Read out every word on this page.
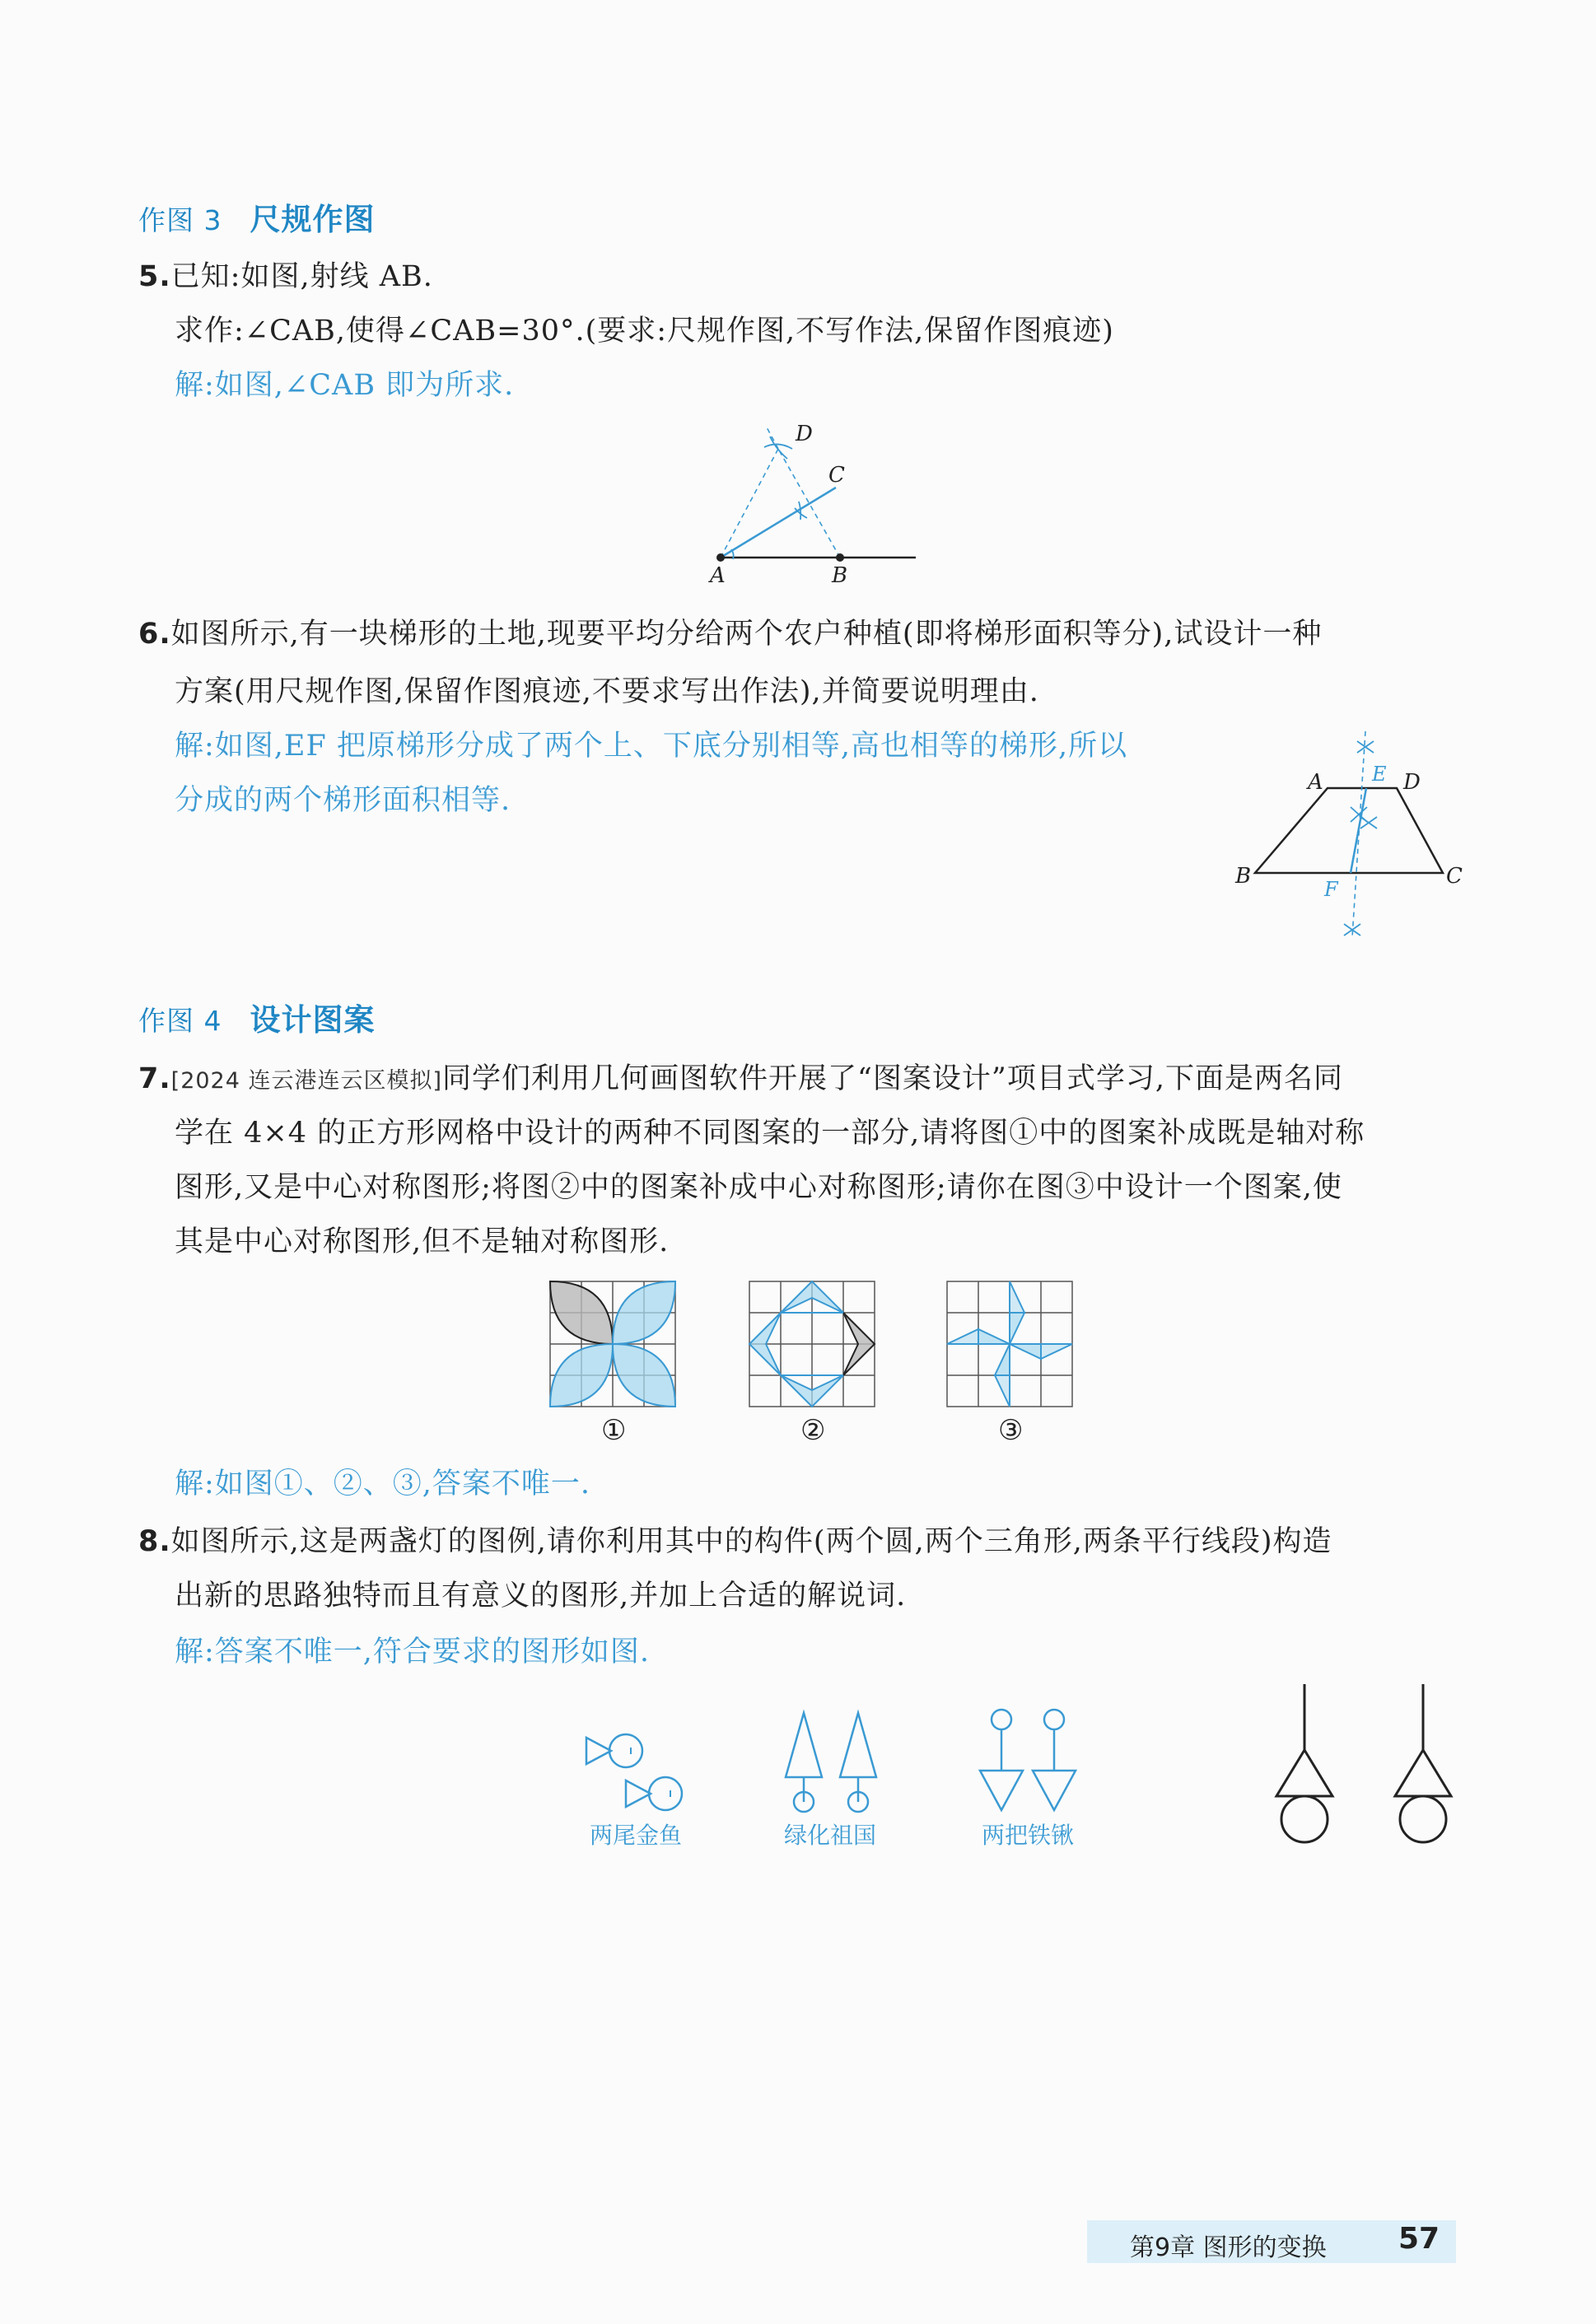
作图 3 尺规作图
5.已知:如图,射线 AB.
求作:∠CAB,使得∠CAB=30°.(要求:尺规作图,不写作法,保留作图痕迹)
解:如图,∠CAB 即为所求.
A	B
C
D
6.如图所示,有一块梯形的土地,现要平均分给两个农户种植(即将梯形面积等分),试设计一种
方案(用尺规作图,保留作图痕迹,不要求写出作法),并简要说明理由.
解:如图,EF 把原梯形分成了两个上、下底分别相等,高也相等的梯形,所以
分成的两个梯形面积相等.
A	D
B	C
E
F
作图 4 设计图案
7.[2024 连云港连云区模拟]同学们利用几何画图软件开展了“图案设计”项目式学习,下面是两名同
学在 4×4 的正方形网格中设计的两种不同图案的一部分,请将图①中的图案补成既是轴对称
图形,又是中心对称图形;将图②中的图案补成中心对称图形;请你在图③中设计一个图案,使
其是中心对称图形,但不是轴对称图形.
①	②	③
解:如图①、②、③,答案不唯一.
8.如图所示,这是两盏灯的图例,请你利用其中的构件(两个圆,两个三角形,两条平行线段)构造
出新的思路独特而且有意义的图形,并加上合适的解说词.
解:答案不唯一,符合要求的图形如图.
两尾金鱼	绿化祖国	两把铁锹
第9章 图形的变换 57
